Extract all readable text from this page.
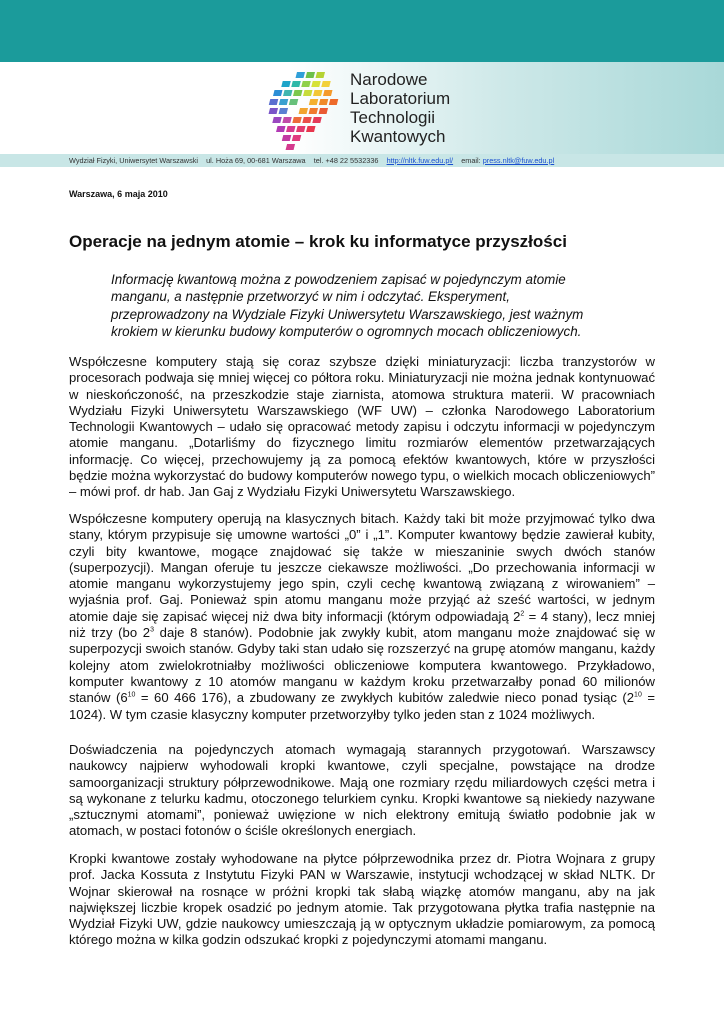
Narodowe
Laboratorium
Technologii
Kwantowych

Wydział Fizyki, Uniwersytet Warszawski ul. Hoża 69, 00-681 Warszawa tel. +48 22 5532336 http://nltk.fuw.edu.pl/ email: press.nltk@fuw.edu.pl

Warszawa, 6 maja 2010

Operacje na jednym atomie – krok ku informatyce przyszłości

Informację kwantową można z powodzeniem zapisać w pojedynczym atomie
manganu, a następnie przetworzyć w nim i odczytać. Eksperyment,
przeprowadzony na Wydziale Fizyki Uniwersytetu Warszawskiego, jest ważnym
krokiem w kierunku budowy komputerów o ogromnych mocach obliczeniowych.

Współczesne komputery stają się coraz szybsze dzięki miniaturyzacji: liczba tranzystorów w procesorach podwaja się mniej więcej co półtora roku. Miniaturyzacji nie można jednak kontynuować w nieskończoność, na przeszkodzie staje ziarnista, atomowa struktura materii. W pracowniach Wydziału Fizyki Uniwersytetu Warszawskiego (WF UW) – członka Narodowego Laboratorium Technologii Kwantowych – udało się opracować metody zapisu i odczytu informacji w pojedynczym atomie manganu. „Dotarliśmy do fizycznego limitu rozmiarów elementów przetwarzających informację. Co więcej, przechowujemy ją za pomocą efektów kwantowych, które w przyszłości będzie można wykorzystać do budowy komputerów nowego typu, o wielkich mocach obliczeniowych” – mówi prof. dr hab. Jan Gaj z Wydziału Fizyki Uniwersytetu Warszawskiego.

Współczesne komputery operują na klasycznych bitach. Każdy taki bit może przyjmować tylko dwa stany, którym przypisuje się umowne wartości „0” i „1”. Komputer kwantowy będzie zawierał kubity, czyli bity kwantowe, mogące znajdować się także w mieszaninie swych dwóch stanów (superpozycji). Mangan oferuje tu jeszcze ciekawsze możliwości. „Do przechowania informacji w atomie manganu wykorzystujemy jego spin, czyli cechę kwantową związaną z wirowaniem” – wyjaśnia prof. Gaj. Ponieważ spin atomu manganu może przyjąć aż sześć wartości, w jednym atomie daje się zapisać więcej niż dwa bity informacji (którym odpowiadają $2^2 = 4$ stany), lecz mniej niż trzy (bo $2^3$ daje 8 stanów). Podobnie jak zwykły kubit, atom manganu może znajdować się w superpozycji swoich stanów. Gdyby taki stan udało się rozszerzyć na grupę atomów manganu, każdy kolejny atom zwielokrotniałby możliwości obliczeniowe komputera kwantowego. Przykładowo, komputer kwantowy z 10 atomów manganu w każdym kroku przetwarzałby ponad 60 milionów stanów ($6^{10} = 60$ 466 176), a zbudowany ze zwykłych kubitów zaledwie nieco ponad tysiąc $(2^{10} = 1024)$. W tym czasie klasyczny komputer przetworzyłby tylko jeden stan z 1024 możliwych.

Doświadczenia na pojedynczych atomach wymagają starannych przygotowań. Warszawscy naukowcy najpierw wyhodowali kropki kwantowe, czyli specjalne, powstające na drodze samoorganizacji struktury półprzewodnikowe. Mają one rozmiary rzędu miliardowych części metra i są wykonane z telurku kadmu, otoczonego telurkiem cynku. Kropki kwantowe są niekiedy nazywane „sztucznymi atomami”, ponieważ uwięzione w nich elektrony emitują światło podobnie jak w atomach, w postaci fotonów o ściśle określonych energiach.

Kropki kwantowe zostały wyhodowane na płytce półprzewodnika przez dr. Piotra Wojnara z grupy prof. Jacka Kossuta z Instytutu Fizyki PAN w Warszawie, instytucji wchodzącej w skład NLTK. Dr Wojnar skierował na rosnące w próżni kropki tak słabą wiązkę atomów manganu, aby na jak największej liczbie kropek osadzić po jednym atomie. Tak przygotowana płytka trafia następnie na Wydział Fizyki UW, gdzie naukowcy umieszczają ją w optycznym układzie pomiarowym, za pomocą którego można w kilka godzin odszukać kropki z pojedynczymi atomami manganu.
